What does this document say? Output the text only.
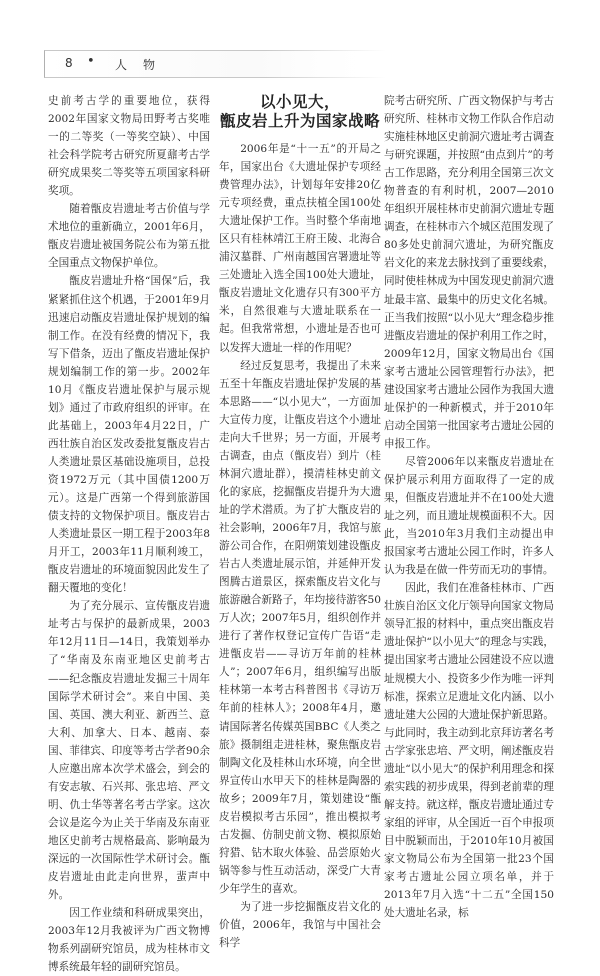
8 • 人物

史前考古学的重要地位，获得2002年国家文物局田野考古奖唯一的二等奖（一等奖空缺）、中国社会科学院考古研究所夏鼐考古学研究成果奖二等奖等五项国家科研奖项。

随着甑皮岩遗址考古价值与学术地位的重新确立，2001年6月，甑皮岩遗址被国务院公布为第五批全国重点文物保护单位。

甑皮岩遗址升格“国保”后，我紧紧抓住这个机遇，于2001年9月迅速启动甑皮岩遗址保护规划的编制工作。在没有经费的情况下，我写下借条，迈出了甑皮岩遗址保护规划编制工作的第一步。2002年10月《甑皮岩遗址保护与展示规划》通过了市政府组织的评审。在此基础上，2003年4月22日，广西壮族自治区发改委批复甑皮岩古人类遗址景区基础设施项目，总投资1972万元（其中国债1200万元）。这是广西第一个得到旅游国债支持的文物保护项目。甑皮岩古人类遗址景区一期工程于2003年8月开工，2003年11月顺利竣工，甑皮岩遗址的环境面貌因此发生了翻天覆地的变化！

为了充分展示、宣传甑皮岩遗址考古与保护的最新成果，2003年12月11日—14日，我策划举办了“华南及东南亚地区史前考古——纪念甑皮岩遗址发掘三十周年国际学术研讨会”。来自中国、美国、英国、澳大利亚、新西兰、意大利、加拿大、日本、越南、泰国、菲律宾、印度等考古学者90余人应邀出席本次学术盛会，到会的有安志敏、石兴邦、张忠培、严文明、仇士华等著名考古学家。这次会议是迄今为止关于华南及东南亚地区史前考古规格最高、影响最为深远的一次国际性学术研讨会。甑皮岩遗址由此走向世界，蜚声中外。

因工作业绩和科研成果突出，2003年12月我被评为广西文物博物系列副研究馆员，成为桂林市文博系统最年轻的副研究馆员。

以小见大，
甑皮岩上升为国家战略

2006年是“十一五”的开局之年，国家出台《大遗址保护专项经费管理办法》，计划每年安排20亿元专项经费，重点扶植全国100处大遗址保护工作。当时整个华南地区只有桂林靖江王府王陵、北海合浦汉墓群、广州南越国宫署遗址等三处遗址入选全国100处大遗址，甑皮岩遗址文化遗存只有300平方米，自然很难与大遗址联系在一起。但我常常想，小遗址是否也可以发挥大遗址一样的作用呢？

经过反复思考，我提出了未来五至十年甑皮岩遗址保护发展的基本思路——“以小见大”，一方面加大宣传力度，让甑皮岩这个小遗址走向大千世界；另一方面，开展考古调查，由点（甑皮岩）到片（桂林洞穴遗址群），摸清桂林史前文化的家底，挖掘甑皮岩提升为大遗址的学术潜质。为了扩大甑皮岩的社会影响，2006年7月，我馆与旅游公司合作，在阳朔策划建设甑皮岩古人类遗址展示馆，并延伸开发图腾古道景区，探索甑皮岩文化与旅游融合新路子，年均接待游客50万人次；2007年5月，组织创作并进行了著作权登记宣传广告语“走进甑皮岩——寻访万年前的桂林人”；2007年6月，组织编写出版桂林第一本考古科普图书《寻访万年前的桂林人》；2008年4月，邀请国际著名传媒英国BBC《人类之旅》摄制组走进桂林，聚焦甑皮岩制陶文化及桂林山水环境，向全世界宣传山水甲天下的桂林是陶器的故乡；2009年7月，策划建设“甑皮岩模拟考古乐园”，推出模拟考古发掘、仿制史前文物、模拟原始狩猎、钻木取火体验、品尝原始火锅等参与性互动活动，深受广大青少年学生的喜欢。

为了进一步挖掘甑皮岩文化的价值，2006年，我馆与中国社会科学

院考古研究所、广西文物保护与考古研究所、桂林市文物工作队合作启动实施桂林地区史前洞穴遗址考古调查与研究课题，并按照“由点到片”的考古工作思路，充分利用全国第三次文物普查的有利时机，2007—2010年组织开展桂林市史前洞穴遗址专题调查，在桂林市六个城区范围发现了80多处史前洞穴遗址，为研究甑皮岩文化的来龙去脉找到了重要线索，同时使桂林成为中国发现史前洞穴遗址最丰富、最集中的历史文化名城。正当我们按照“以小见大”理念稳步推进甑皮岩遗址的保护利用工作之时，2009年12月，国家文物局出台《国家考古遗址公园管理暂行办法》，把建设国家考古遗址公园作为我国大遗址保护的一种新模式，并于2010年启动全国第一批国家考古遗址公园的申报工作。

尽管2006年以来甑皮岩遗址在保护展示利用方面取得了一定的成果，但甑皮岩遗址并不在100处大遗址之列，而且遗址规模面积不大。因此，当2010年3月我们主动提出申报国家考古遗址公园工作时，许多人认为我是在做一件劳而无功的事情。

因此，我们在准备桂林市、广西壮族自治区文化厅领导向国家文物局领导汇报的材料中，重点突出甑皮岩遗址保护“以小见大”的理念与实践，提出国家考古遗址公园建设不应以遗址规模大小、投资多少作为唯一评判标准，探索立足遗址文化内涵、以小遗址建大公园的大遗址保护新思路。与此同时，我主动到北京拜访著名考古学家张忠培、严文明，阐述甑皮岩遗址“以小见大”的保护利用理念和探索实践的初步成果，得到老前辈的理解支持。就这样，甑皮岩遗址通过专家组的评审，从全国近一百个申报项目中脱颖而出，于2010年10月被国家文物局公布为全国第一批23个国家考古遗址公园立项名单，并于2013年7月入选“十二五”全国150处大遗址名录，标
